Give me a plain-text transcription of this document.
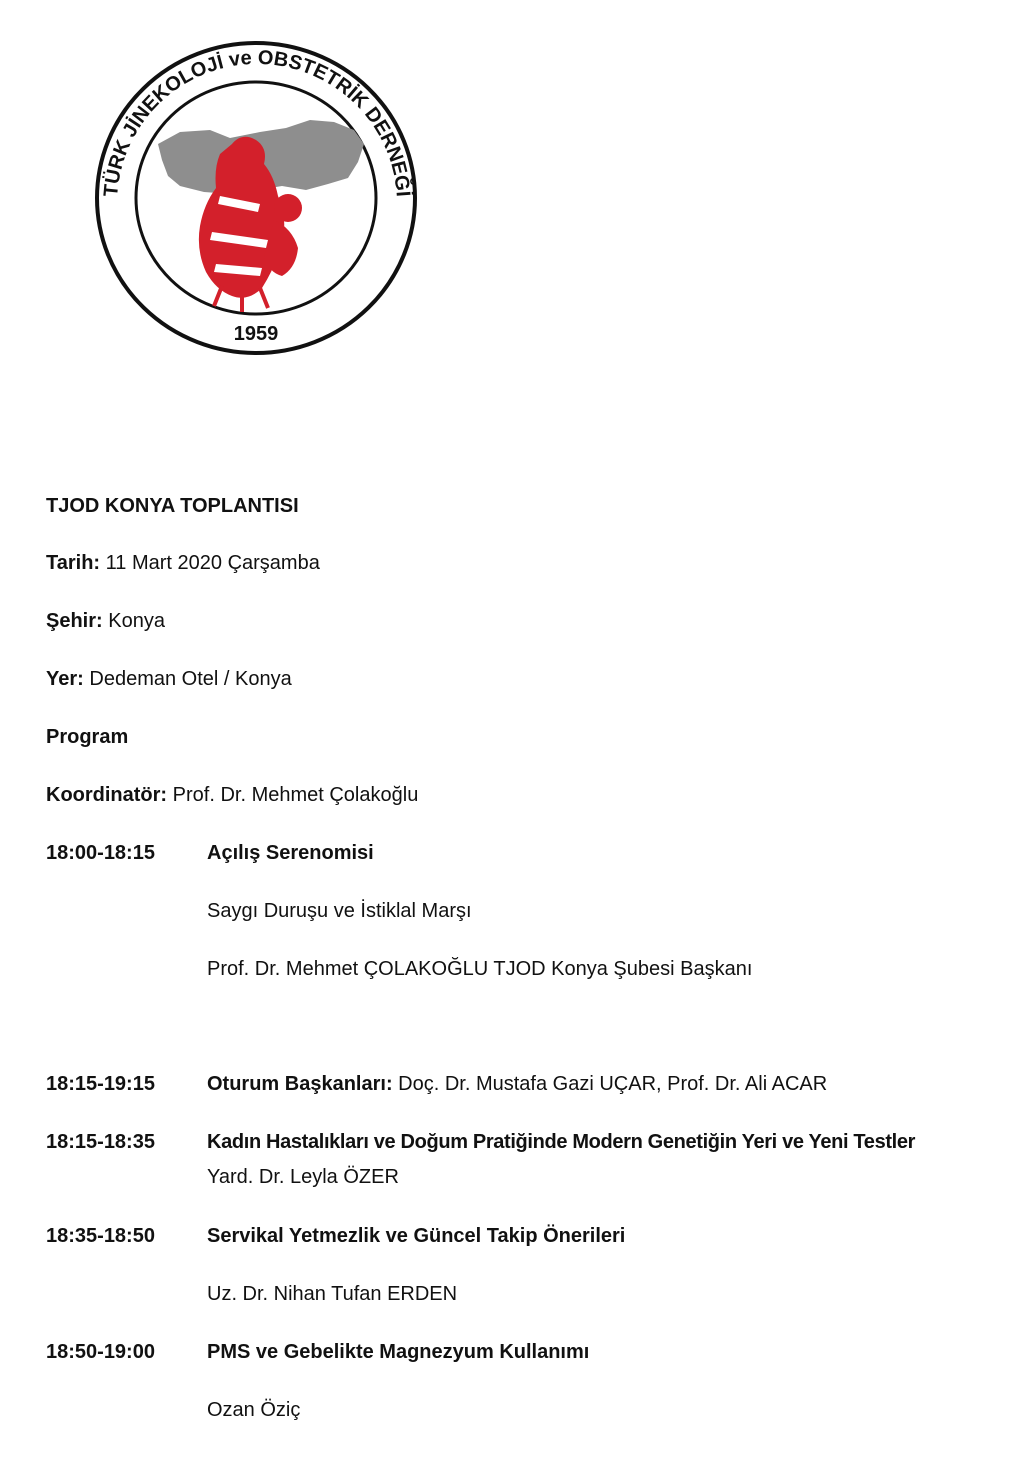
TÜRK JİNEKOLOJİ ve OBSTETRİK DERNEĞİ
1959
TJOD KONYA TOPLANTISI
Tarih: 11 Mart 2020 Çarşamba
Şehir: Konya
Yer: Dedeman Otel / Konya
Program
Koordinatör: Prof. Dr. Mehmet Çolakoğlu
18:00-18:15	Açılış Serenomisi
Saygı Duruşu ve İstiklal Marşı
Prof. Dr. Mehmet ÇOLAKOĞLU TJOD Konya Şubesi Başkanı
18:15-19:15	Oturum Başkanları: Doç. Dr. Mustafa Gazi UÇAR, Prof. Dr. Ali ACAR
18:15-18:35	Kadın Hastalıkları ve Doğum Pratiğinde Modern Genetiğin Yeri ve Yeni Testler
Yard. Dr. Leyla ÖZER
18:35-18:50	Servikal Yetmezlik ve Güncel Takip Önerileri
Uz. Dr. Nihan Tufan ERDEN
18:50-19:00	PMS ve Gebelikte Magnezyum Kullanımı
Ozan Öziç
